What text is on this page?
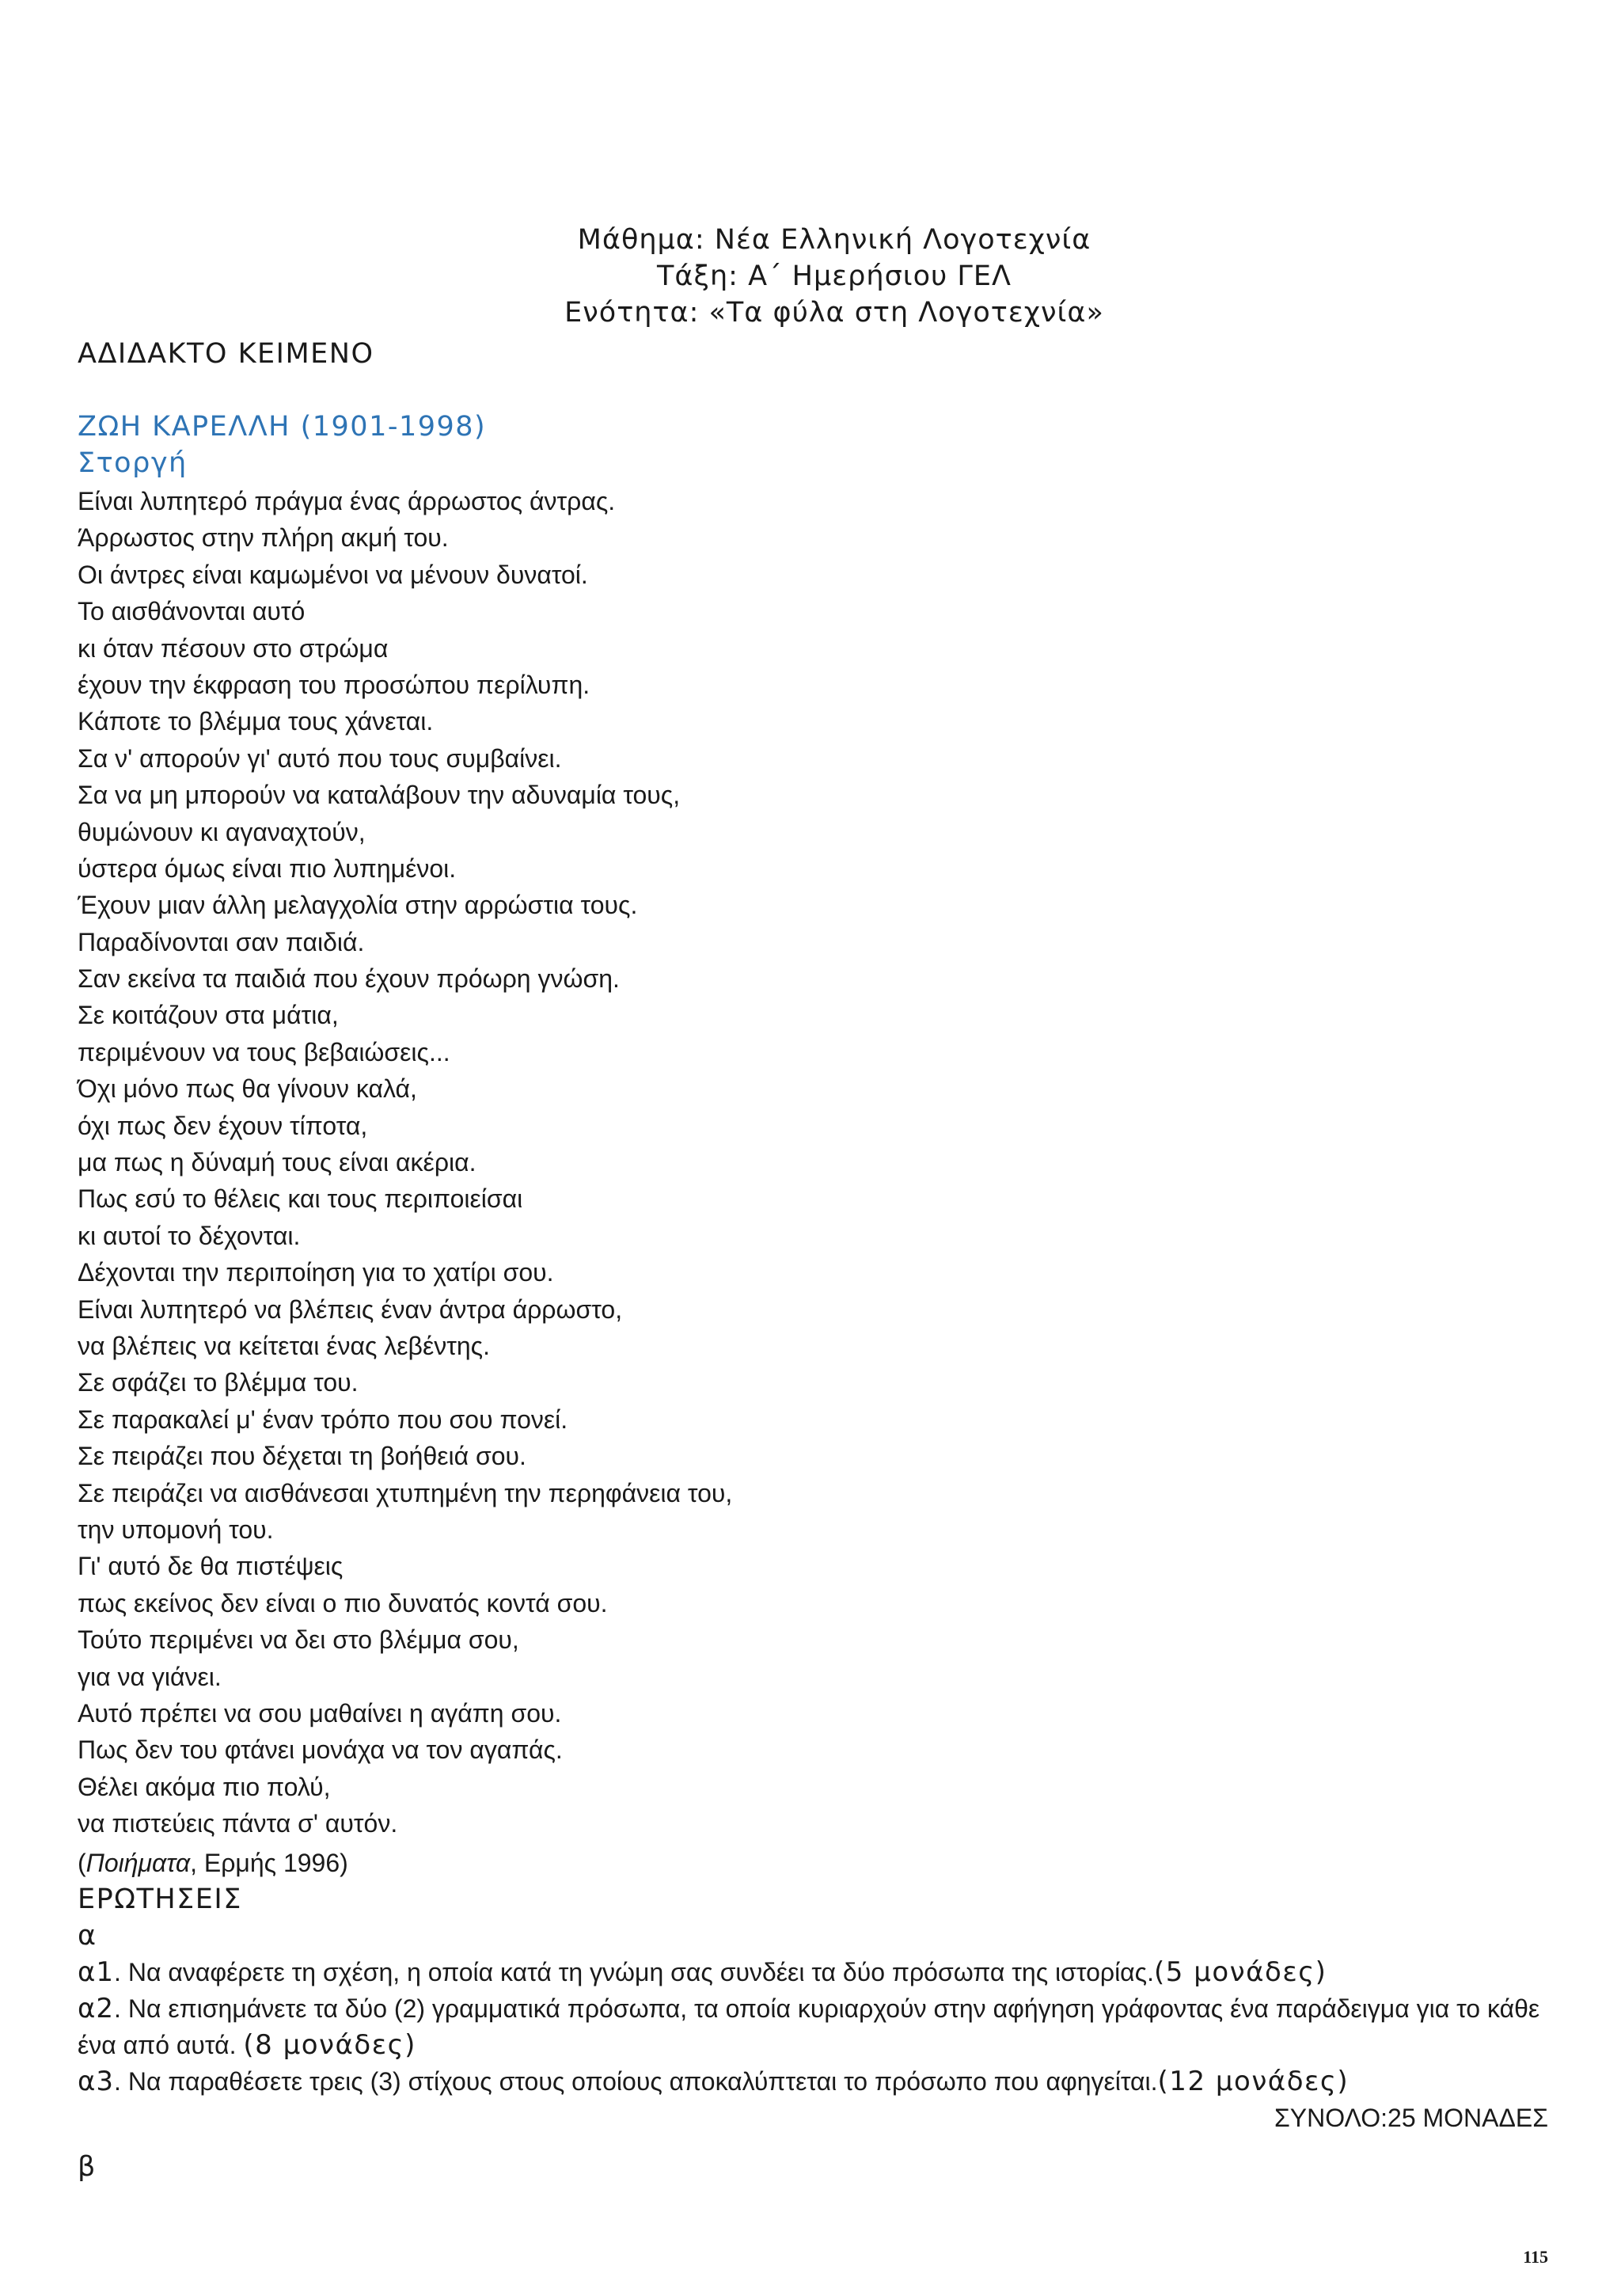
Μάθημα: Νέα Ελληνική Λογοτεχνία
Τάξη: Α΄ Ημερήσιου ΓΕΛ
Ενότητα: «Τα φύλα στη Λογοτεχνία»
ΑΔΙΔΑΚΤΟ ΚΕΙΜΕΝΟ
ΖΩΗ ΚΑΡΕΛΛΗ (1901-1998)
Στοργή
Είναι λυπητερό πράγμα ένας άρρωστος άντρας.
Άρρωστος στην πλήρη ακμή του.
Οι άντρες είναι καμωμένοι να μένουν δυνατοί.
Το αισθάνονται αυτό
κι όταν πέσουν στο στρώμα
έχουν την έκφραση του προσώπου περίλυπη.
Κάποτε το βλέμμα τους χάνεται.
Σα ν' απορούν γι' αυτό που τους συμβαίνει.
Σα να μη μπορούν να καταλάβουν την αδυναμία τους,
θυμώνουν κι αγαναχτούν,
ύστερα όμως είναι πιο λυπημένοι.
Έχουν μιαν άλλη μελαγχολία στην αρρώστια τους.
Παραδίνονται σαν παιδιά.
Σαν εκείνα τα παιδιά που έχουν πρόωρη γνώση.
Σε κοιτάζουν στα μάτια,
περιμένουν να τους βεβαιώσεις...
Όχι μόνο πως θα γίνουν καλά,
όχι πως δεν έχουν τίποτα,
μα πως η δύναμή τους είναι ακέρια.
Πως εσύ το θέλεις και τους περιποιείσαι
κι αυτοί το δέχονται.
Δέχονται την περιποίηση για το χατίρι σου.
Είναι λυπητερό να βλέπεις έναν άντρα άρρωστο,
να βλέπεις να κείτεται ένας λεβέντης.
Σε σφάζει το βλέμμα του.
Σε παρακαλεί μ' έναν τρόπο που σου πονεί.
Σε πειράζει που δέχεται τη βοήθειά σου.
Σε πειράζει να αισθάνεσαι χτυπημένη την περηφάνεια του,
την υπομονή του.
Γι' αυτό δε θα πιστέψεις
πως εκείνος δεν είναι ο πιο δυνατός κοντά σου.
Τούτο περιμένει να δει στο βλέμμα σου,
για να γιάνει.
Αυτό πρέπει να σου μαθαίνει η αγάπη σου.
Πως δεν του φτάνει μονάχα να τον αγαπάς.
Θέλει ακόμα πιο πολύ,
να πιστεύεις πάντα σ' αυτόν.
(Ποιήματα, Ερμής 1996)
ΕΡΩΤΗΣΕΙΣ
α
α1. Να αναφέρετε τη σχέση, η οποία κατά τη γνώμη σας συνδέει τα δύο πρόσωπα της ιστορίας.(5 μονάδες)
α2. Να επισημάνετε τα δύο (2) γραμματικά πρόσωπα, τα οποία κυριαρχούν στην αφήγηση γράφοντας ένα παράδειγμα για το κάθε ένα από αυτά. (8 μονάδες)
α3. Να παραθέσετε τρεις (3) στίχους στους οποίους αποκαλύπτεται το πρόσωπο που αφηγείται.(12 μονάδες)
ΣΥΝΟΛΟ:25 ΜΟΝΑΔΕΣ
β
115
